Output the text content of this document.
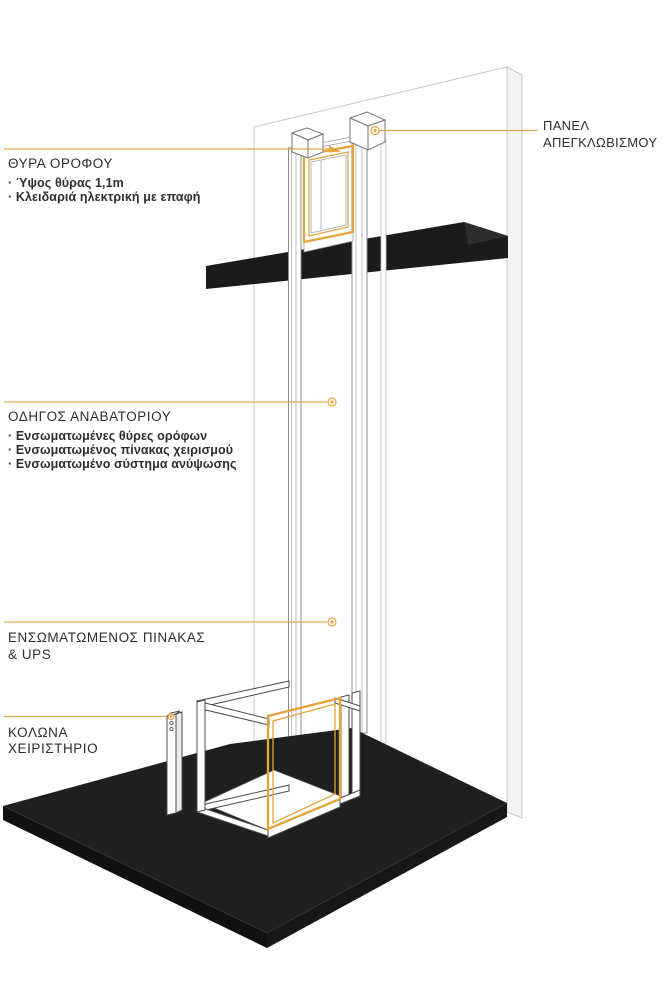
ΘΥΡΑ ΟΡΟΦΟΥ
· Ύψος θύρας 1,1m
· Κλειδαριά ηλεκτρική με επαφή
ΠΑΝΕΛ
ΑΠΕΓΚΛΩΒΙΣΜΟΥ
ΟΔΗΓΟΣ ΑΝΑΒΑΤΟΡΙΟΥ
· Ενσωματωμένες θύρες ορόφων
· Ενσωματωμένος πίνακας χειρισμού
· Ενσωματωμένο σύστημα ανύψωσης
ΕΝΣΩΜΑΤΩΜΕΝΟΣ ΠΙΝΑΚΑΣ
& UPS
ΚΟΛΩΝΑ
ΧΕΙΡΙΣΤΗΡΙΟ
